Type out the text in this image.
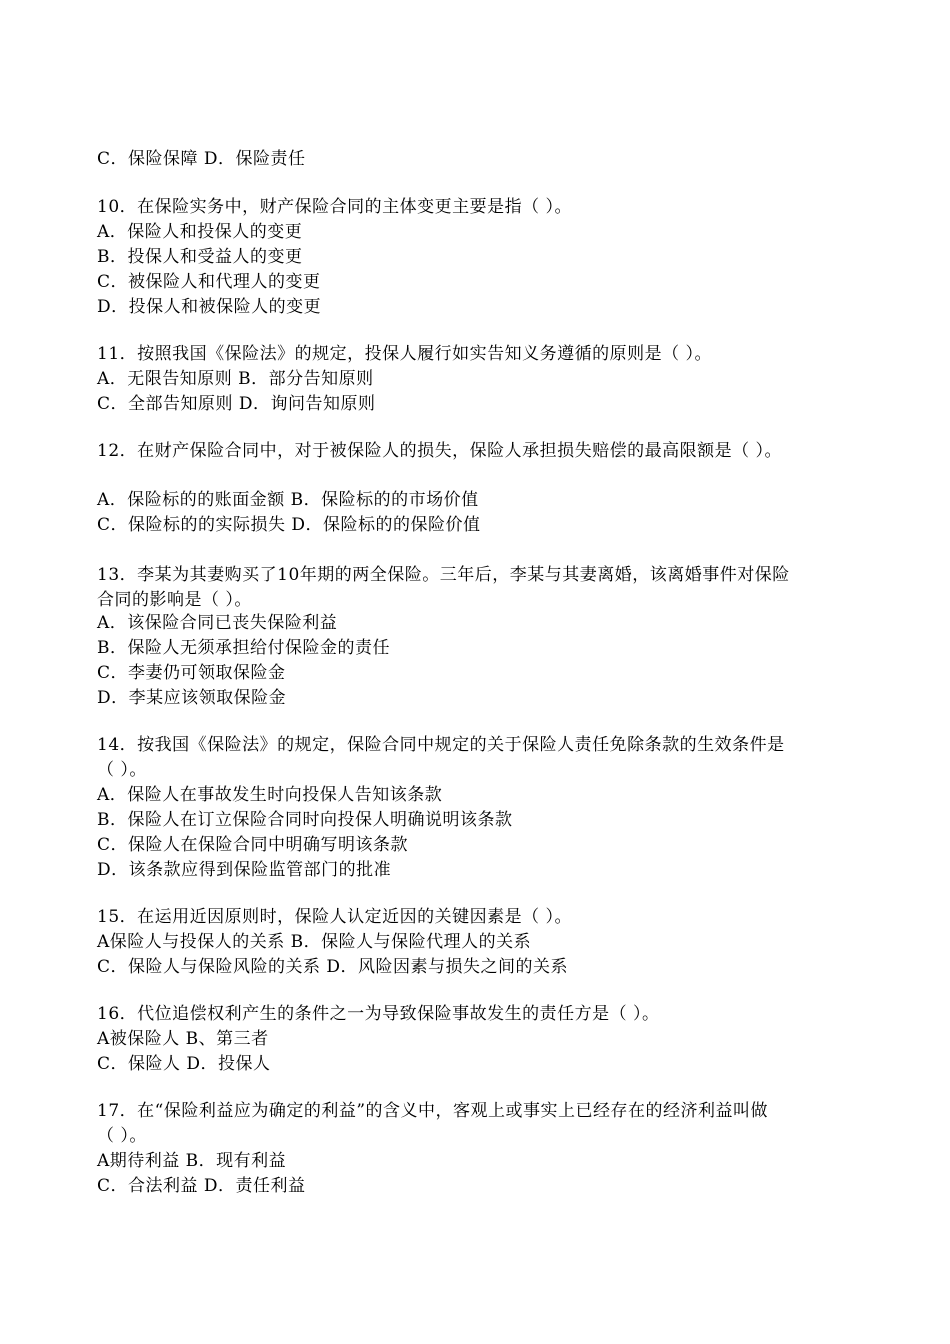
C．保险保障 D．保险责任
10．在保险实务中，财产保险合同的主体变更主要是指（ ）。
A．保险人和投保人的变更
B．投保人和受益人的变更
C．被保险人和代理人的变更
D．投保人和被保险人的变更
11．按照我国《保险法》的规定，投保人履行如实告知义务遵循的原则是（ ）。
A．无限告知原则 B．部分告知原则
C．全部告知原则 D．询问告知原则
12．在财产保险合同中，对于被保险人的损失，保险人承担损失赔偿的最高限额是（ ）。
A．保险标的的账面金额 B．保险标的的市场价值
C．保险标的的实际损失 D．保险标的的保险价值
13．李某为其妻购买了10年期的两全保险。三年后，李某与其妻离婚，该离婚事件对保险
合同的影响是（ ）。
A．该保险合同已丧失保险利益
B．保险人无须承担给付保险金的责任
C．李妻仍可领取保险金
D．李某应该领取保险金
14．按我国《保险法》的规定，保险合同中规定的关于保险人责任免除条款的生效条件是
（ ）。
A．保险人在事故发生时向投保人告知该条款
B．保险人在订立保险合同时向投保人明确说明该条款
C．保险人在保险合同中明确写明该条款
D．该条款应得到保险监管部门的批准
15．在运用近因原则时，保险人认定近因的关键因素是（ ）。
A保险人与投保人的关系 B．保险人与保险代理人的关系
C．保险人与保险风险的关系 D．风险因素与损失之间的关系
16．代位追偿权利产生的条件之一为导致保险事故发生的责任方是（ ）。
A被保险人 B、第三者
C．保险人 D．投保人
17．在“保险利益应为确定的利益”的含义中，客观上或事实上已经存在的经济利益叫做
（ ）。
A期待利益 B．现有利益
C．合法利益 D．责任利益
